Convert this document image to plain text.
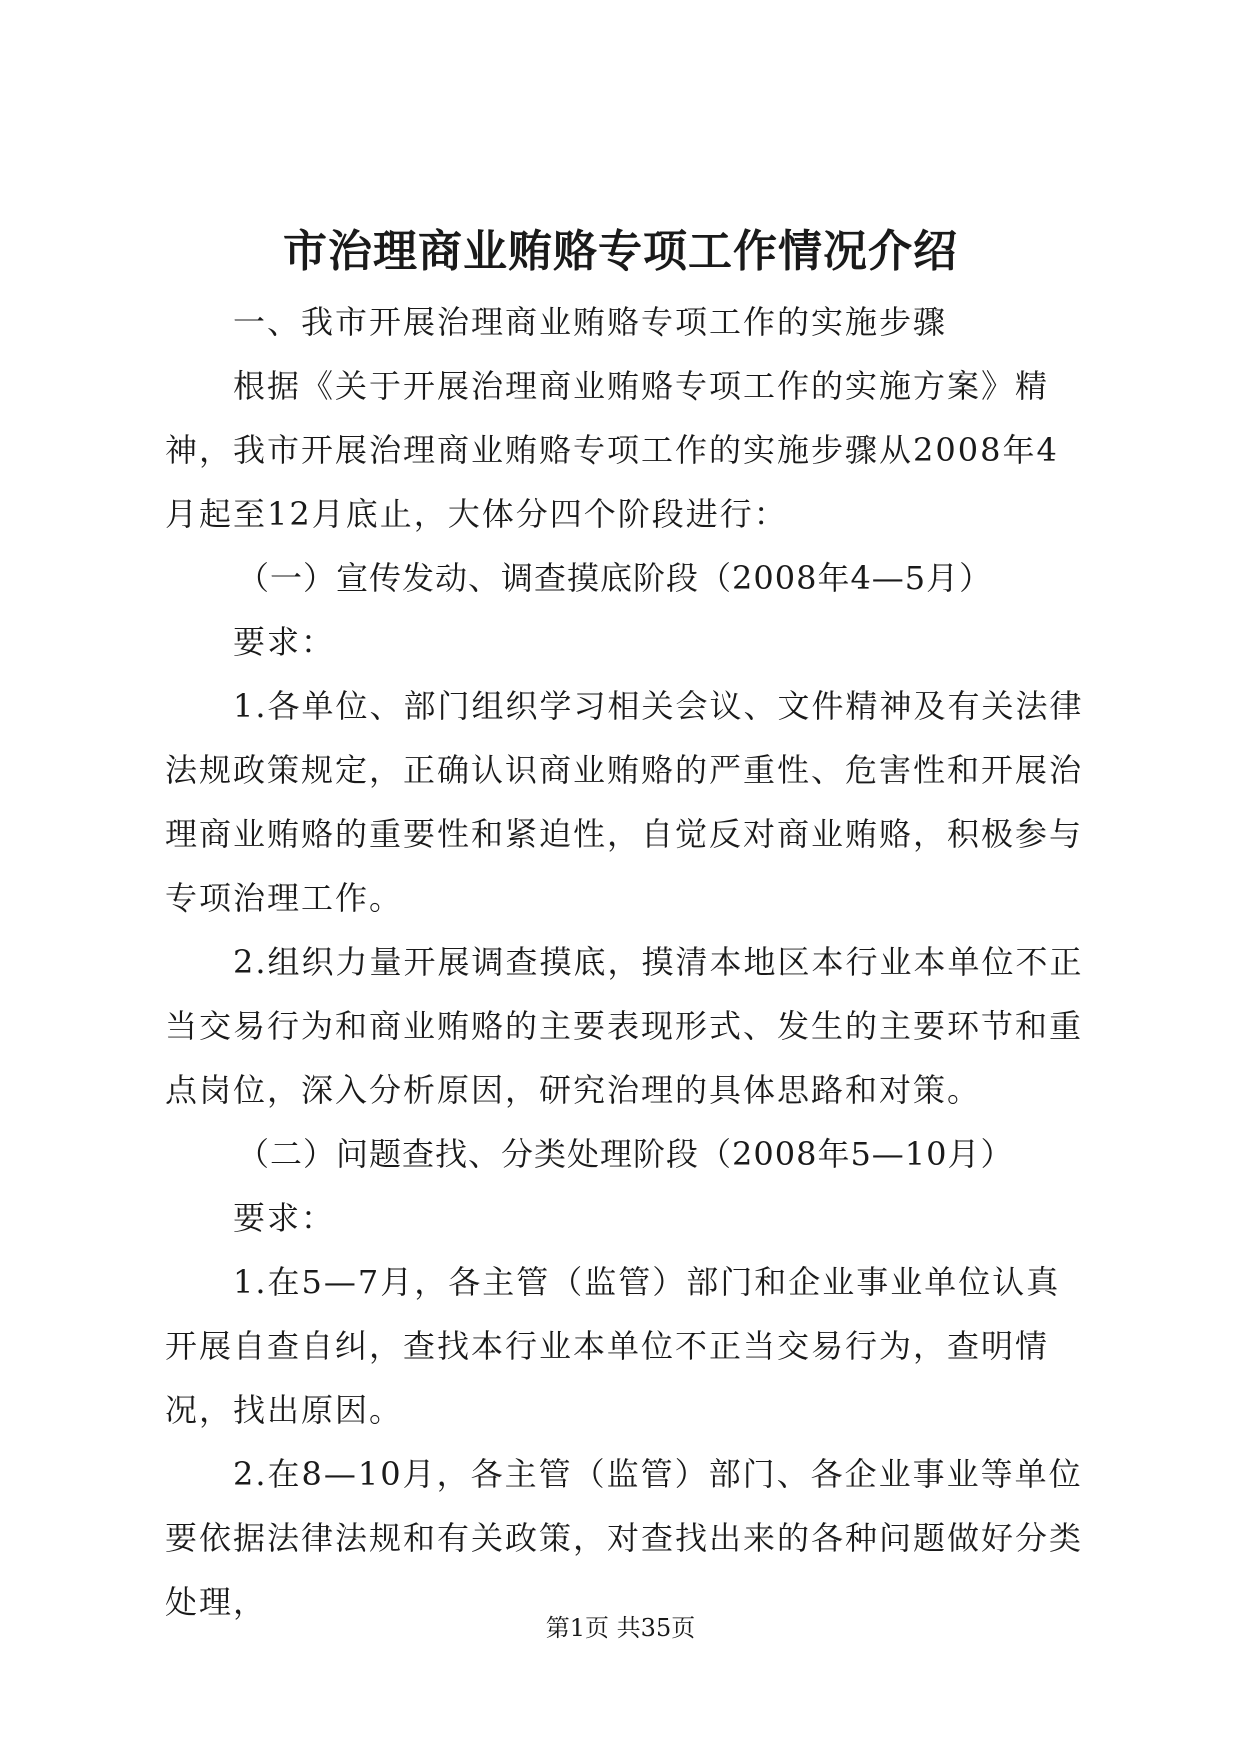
市治理商业贿赂专项工作情况介绍

一、我市开展治理商业贿赂专项工作的实施步骤

根据《关于开展治理商业贿赂专项工作的实施方案》精神，我市开展治理商业贿赂专项工作的实施步骤从2008年4月起至12月底止，大体分四个阶段进行：

（一）宣传发动、调查摸底阶段（2008年4—5月）

要求：

1.各单位、部门组织学习相关会议、文件精神及有关法律法规政策规定，正确认识商业贿赂的严重性、危害性和开展治理商业贿赂的重要性和紧迫性，自觉反对商业贿赂，积极参与专项治理工作。

2.组织力量开展调查摸底，摸清本地区本行业本单位不正当交易行为和商业贿赂的主要表现形式、发生的主要环节和重点岗位，深入分析原因，研究治理的具体思路和对策。

（二）问题查找、分类处理阶段（2008年5—10月）

要求：

1.在5—7月，各主管（监管）部门和企业事业单位认真开展自查自纠，查找本行业本单位不正当交易行为，查明情况，找出原因。

2.在8—10月，各主管（监管）部门、各企业事业等单位要依据法律法规和有关政策，对查找出来的各种问题做好分类处理，

第1页 共35页
